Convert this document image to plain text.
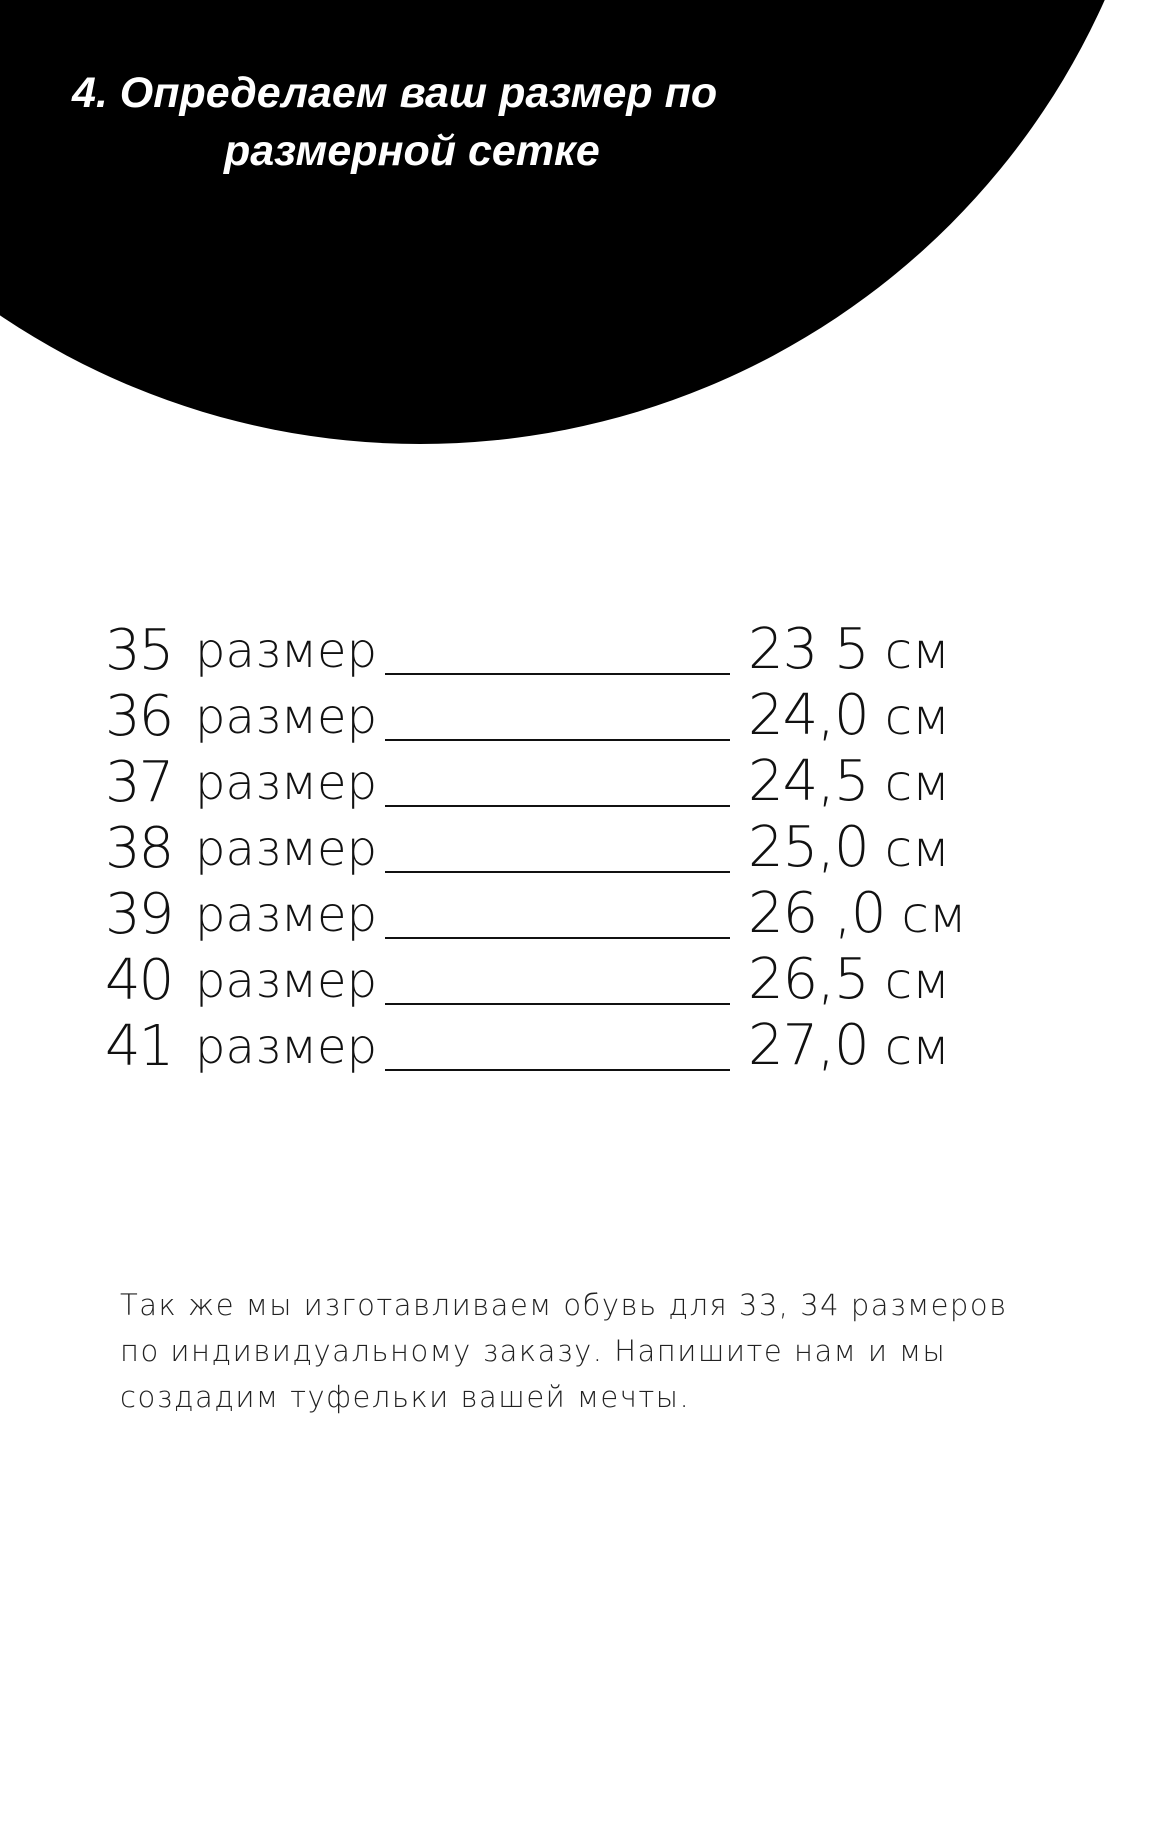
4. Определаем ваш размер по
размерной сетке
35 размер	23 5 см
36 размер	24,0 см
37 размер	24,5 см
38 размер	25,0 см
39 размер	26 ,0 см
40 размер	26,5 см
41 размер	27,0 см

Так же мы изготавливаем обувь для 33, 34 размеров
по индивидуальному заказу. Напишите нам и мы
создадим туфельки вашей мечты.
